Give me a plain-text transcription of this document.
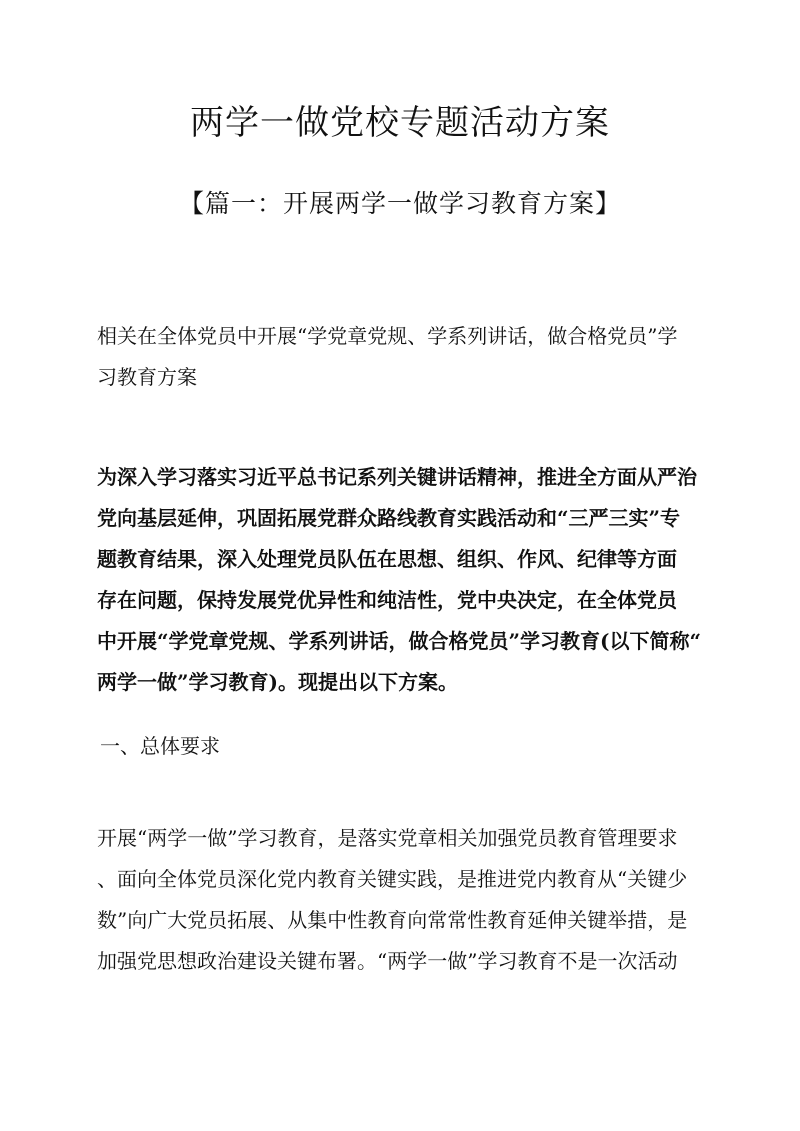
两学一做党校专题活动方案
【篇一：开展两学一做学习教育方案】

相关在全体党员中开展“学党章党规、学系列讲话，做合格党员”学

习教育方案

为深入学习落实习近平总书记系列关键讲话精神，推进全方面从严治

党向基层延伸，巩固拓展党群众路线教育实践活动和“三严三实”专

题教育结果，深入处理党员队伍在思想、组织、作风、纪律等方面

存在问题，保持发展党优异性和纯洁性，党中央决定，在全体党员

中开展“学党章党规、学系列讲话，做合格党员”学习教育(以下简称“

两学一做”学习教育)。现提出以下方案。

一、总体要求

开展“两学一做”学习教育，是落实党章相关加强党员教育管理要求

、面向全体党员深化党内教育关键实践，是推进党内教育从“关键少

数”向广大党员拓展、从集中性教育向常常性教育延伸关键举措，是

加强党思想政治建设关键布署。“两学一做”学习教育不是一次活动
